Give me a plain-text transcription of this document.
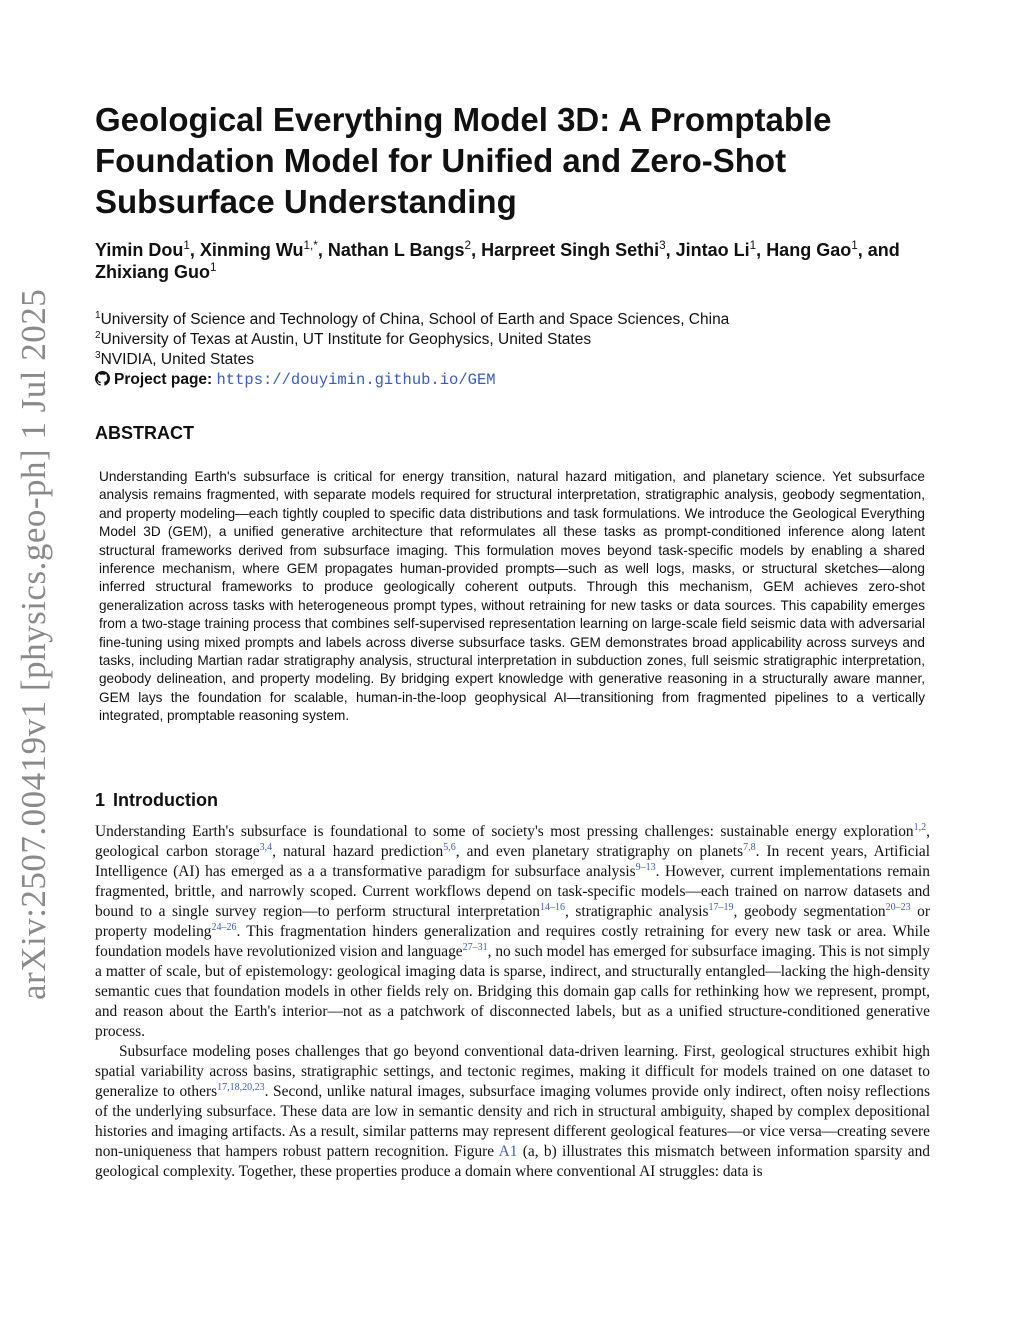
arXiv:2507.00419v1 [physics.geo-ph] 1 Jul 2025
Geological Everything Model 3D: A Promptable Foundation Model for Unified and Zero-Shot Subsurface Understanding
Yimin Dou$^1$, Xinming $Wu^{1,*}$, Nathan L Bangs$^2$, Harpreet Singh Sethi$^3$, Jintao Li$^1$, Hang Gao$^1$, and Zhixiang Guo$^1$
$^1$University of Science and Technology of China, School of Earth and Space Sciences, China
$^2$University of Texas at Austin, UT Institute for Geophysics, United States
$^3$NVIDIA, United States
Project page: https://douyimin.github.io/GEM
ABSTRACT

Understanding Earth's subsurface is critical for energy transition, natural hazard mitigation, and planetary science. Yet subsurface analysis remains fragmented, with separate models required for structural interpretation, stratigraphic analysis, geobody segmentation, and property modeling—each tightly coupled to specific data distributions and task formulations. We introduce the Geological Everything Model 3D (GEM), a unified generative architecture that reformulates all these tasks as prompt-conditioned inference along latent structural frameworks derived from subsurface imaging. This formulation moves beyond task-specific models by enabling a shared inference mechanism, where GEM propagates human-provided prompts—such as well logs, masks, or structural sketches—along inferred structural frameworks to produce geologically coherent outputs. Through this mechanism, GEM achieves zero-shot generalization across tasks with heterogeneous prompt types, without retraining for new tasks or data sources. This capability emerges from a two-stage training process that combines self-supervised representation learning on large-scale field seismic data with adversarial fine-tuning using mixed prompts and labels across diverse subsurface tasks. GEM demonstrates broad applicability across surveys and tasks, including Martian radar stratigraphy analysis, structural interpretation in subduction zones, full seismic stratigraphic interpretation, geobody delineation, and property modeling. By bridging expert knowledge with generative reasoning in a structurally aware manner, GEM lays the foundation for scalable, human-in-the-loop geophysical AI—transitioning from fragmented pipelines to a vertically integrated, promptable reasoning system.

1 Introduction

Understanding Earth's subsurface is foundational to some of society's most pressing challenges: sustainable energy exploration$^{1,2}$, geological carbon storage$^{3,4}$, natural hazard prediction$^{5,6}$, and even planetary stratigraphy on planets$^{7,8}$. In recent years, Artificial Intelligence (AI) has emerged as a a transformative paradigm for subsurface analysis$^{9-13}$. However, current implementations remain fragmented, brittle, and narrowly scoped. Current workflows depend on task-specific models—each trained on narrow datasets and bound to a single survey region—to perform structural interpretation$^{14-16}$, stratigraphic analysis$^{17-19}$, geobody segmentation$^{20-23}$ or property modeling$^{24-26}$. This fragmentation hinders generalization and requires costly retraining for every new task or area. While foundation models have revolutionized vision and language$^{27-31}$, no such model has emerged for subsurface imaging. This is not simply a matter of scale, but of epistemology: geological imaging data is sparse, indirect, and structurally entangled—lacking the high-density semantic cues that foundation models in other fields rely on. Bridging this domain gap calls for rethinking how we represent, prompt, and reason about the Earth's interior—not as a patchwork of disconnected labels, but as a unified structure-conditioned generative process.

Subsurface modeling poses challenges that go beyond conventional data-driven learning. First, geological structures exhibit high spatial variability across basins, stratigraphic settings, and tectonic regimes, making it difficult for models trained on one dataset to generalize to others$^{17,18,20,23}$. Second, unlike natural images, subsurface imaging volumes provide only indirect, often noisy reflections of the underlying subsurface. These data are low in semantic density and rich in structural ambiguity, shaped by complex depositional histories and imaging artifacts. As a result, similar patterns may represent different geological features—or vice versa—creating severe non-uniqueness that hampers robust pattern recognition. Figure A1 (a, b) illustrates this mismatch between information sparsity and geological complexity. Together, these properties produce a domain where conventional AI struggles: data is
